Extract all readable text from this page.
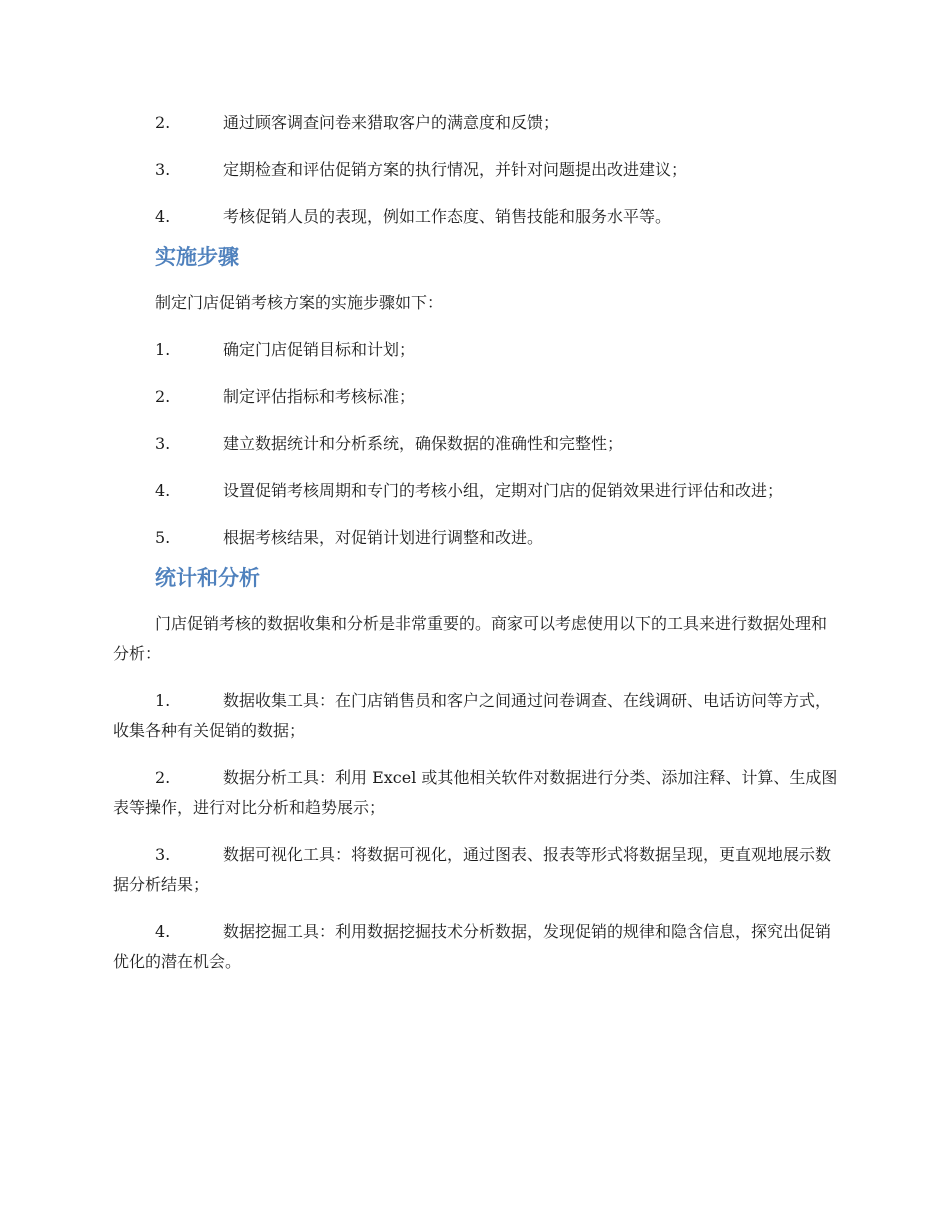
2.	通过顾客调查问卷来猎取客户的满意度和反馈；
3.	定期检查和评估促销方案的执行情况，并针对问题提出改进建议；
4.	考核促销人员的表现，例如工作态度、销售技能和服务水平等。
实施步骤
制定门店促销考核方案的实施步骤如下：
1.	确定门店促销目标和计划；
2.	制定评估指标和考核标准；
3.	建立数据统计和分析系统，确保数据的准确性和完整性；
4.	设置促销考核周期和专门的考核小组，定期对门店的促销效果进行评估和改进；
5.	根据考核结果，对促销计划进行调整和改进。
统计和分析
门店促销考核的数据收集和分析是非常重要的。商家可以考虑使用以下的工具来进行数据处理和分析：
1.	数据收集工具：在门店销售员和客户之间通过问卷调查、在线调研、电话访问等方式，收集各种有关促销的数据；
2.	数据分析工具：利用 Excel 或其他相关软件对数据进行分类、添加注释、计算、生成图表等操作，进行对比分析和趋势展示；
3.	数据可视化工具：将数据可视化，通过图表、报表等形式将数据呈现，更直观地展示数据分析结果；
4.	数据挖掘工具：利用数据挖掘技术分析数据，发现促销的规律和隐含信息，探究出促销优化的潜在机会。
